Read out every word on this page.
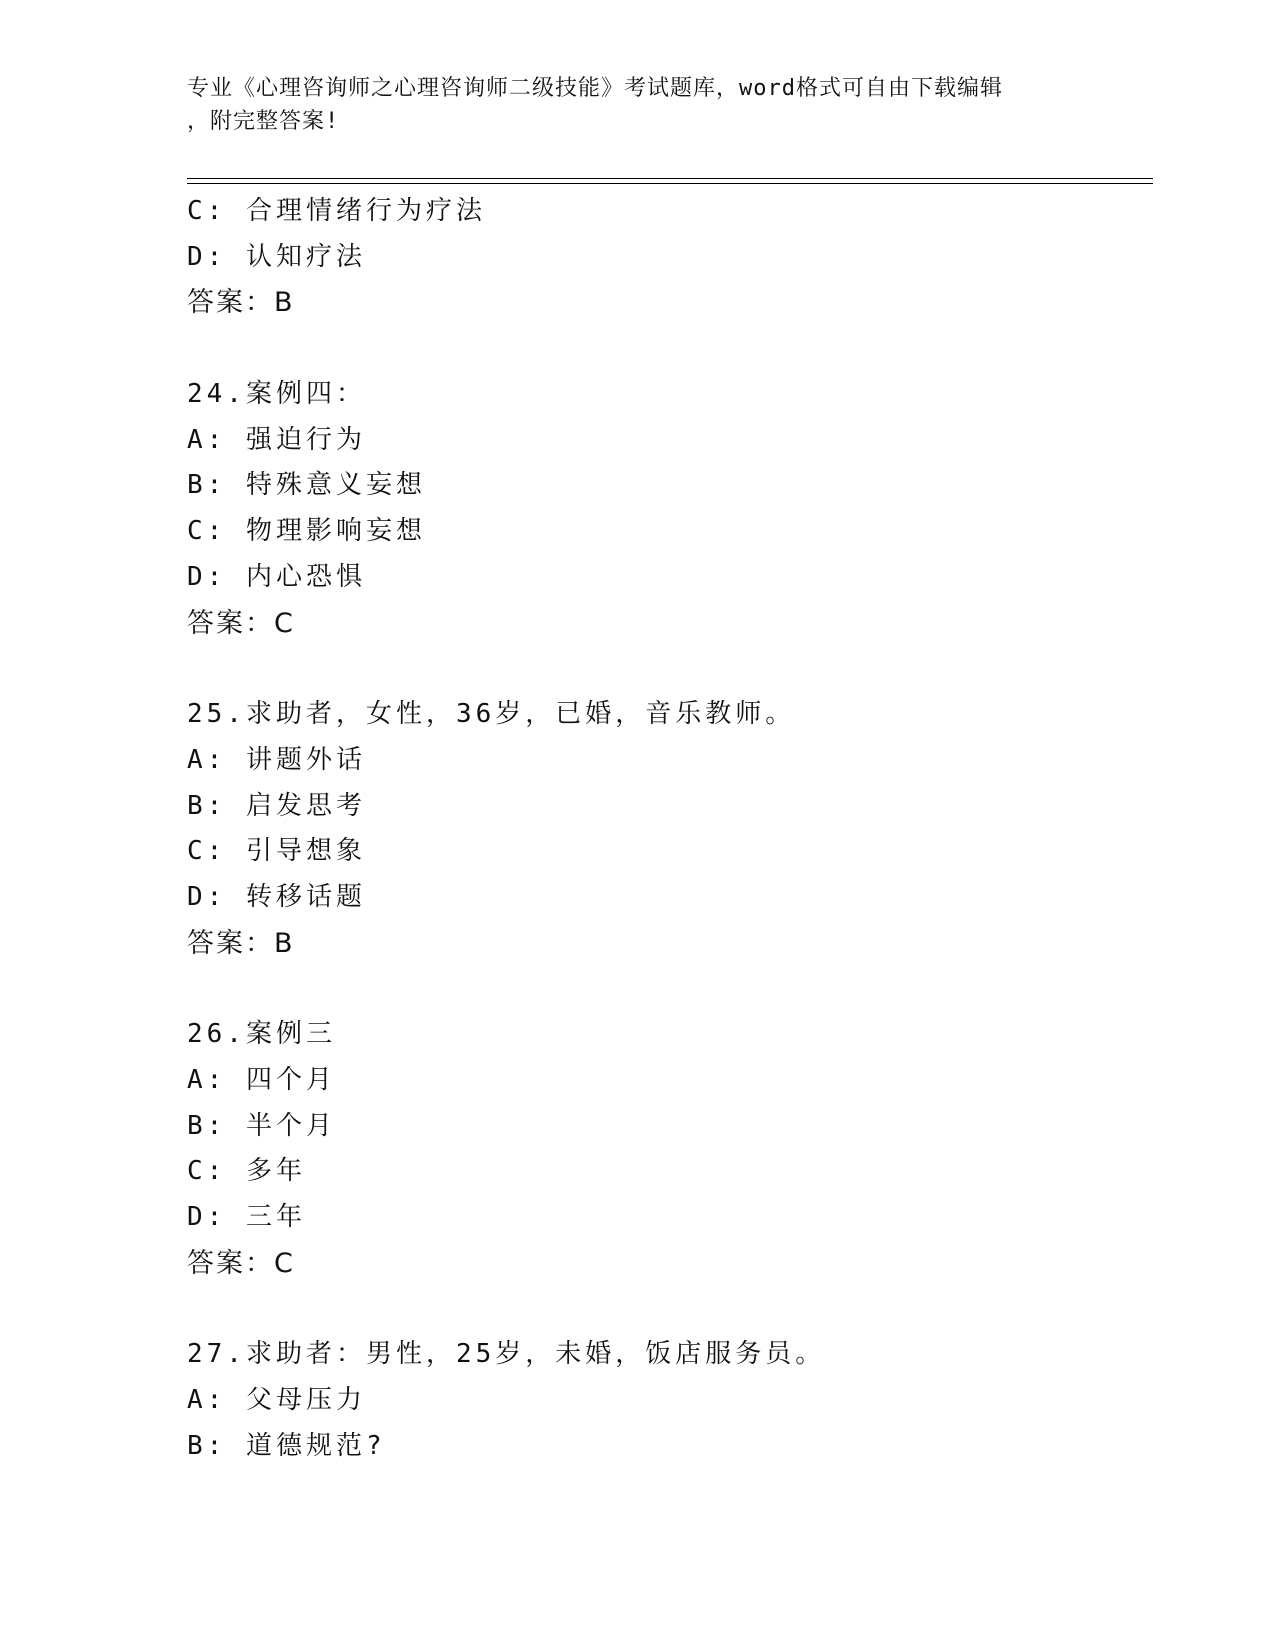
专业《心理咨询师之心理咨询师二级技能》考试题库，word格式可自由下载编辑
，附完整答案!
C: 合理情绪行为疗法
D: 认知疗法
答案：B
24.案例四：
A: 强迫行为
B: 特殊意义妄想
C: 物理影响妄想
D: 内心恐惧
答案：C
25.求助者，女性，36岁，已婚，音乐教师。
A: 讲题外话
B: 启发思考
C: 引导想象
D: 转移话题
答案：B
26.案例三
A: 四个月
B: 半个月
C: 多年
D: 三年
答案：C
27.求助者：男性，25岁，未婚，饭店服务员。
A: 父母压力
B: 道德规范?
